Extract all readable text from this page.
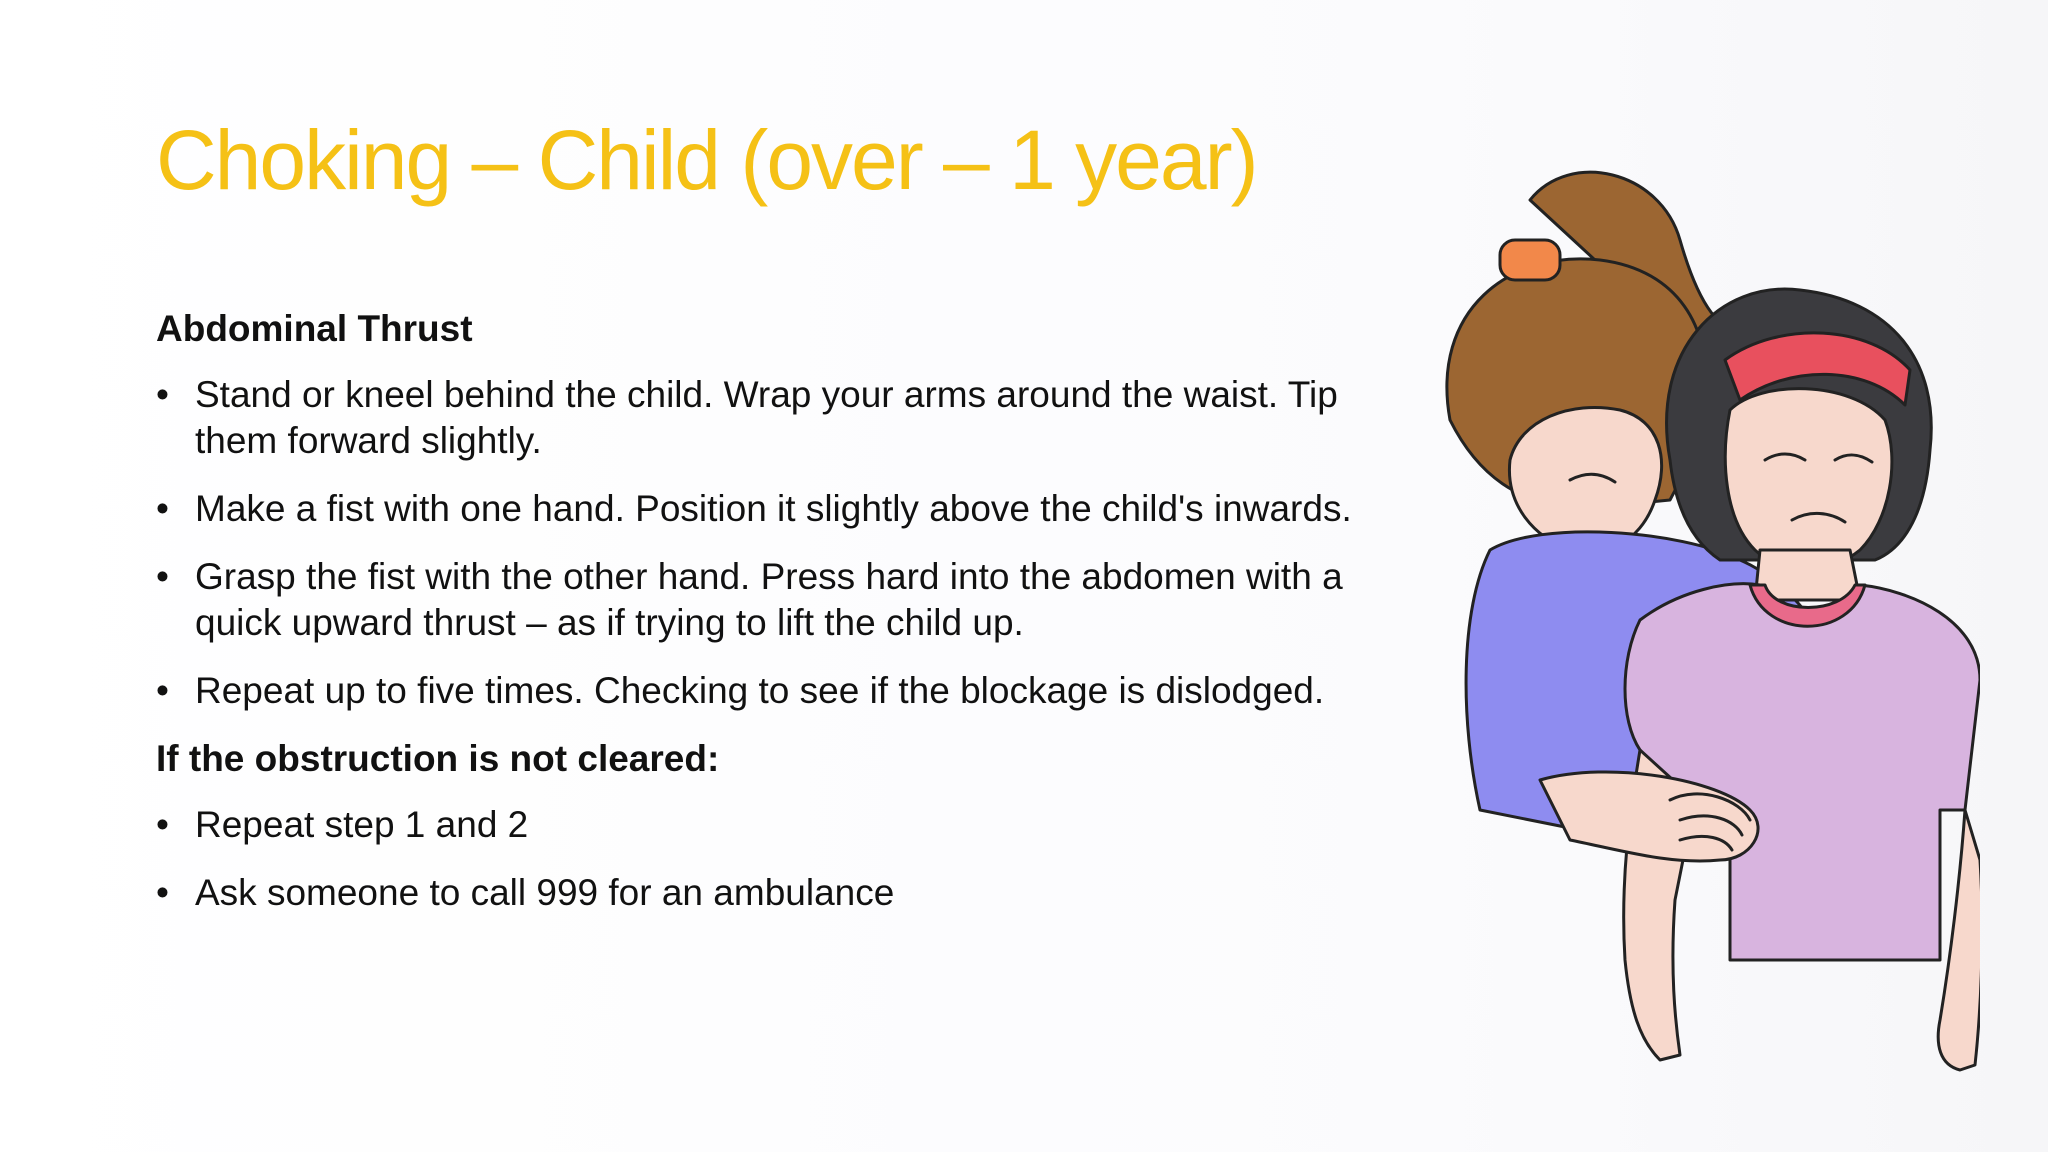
Choking – Child (over – 1 year)
Abdominal Thrust
• Stand or kneel behind the child. Wrap your arms around the waist. Tip them forward slightly.
• Make a fist with one hand. Position it slightly above the child's inwards.
• Grasp the fist with the other hand. Press hard into the abdomen with a quick upward thrust – as if trying to lift the child up.
• Repeat up to five times. Checking to see if the blockage is dislodged.
If the obstruction is not cleared:
• Repeat step 1 and 2
• Ask someone to call 999 for an ambulance
